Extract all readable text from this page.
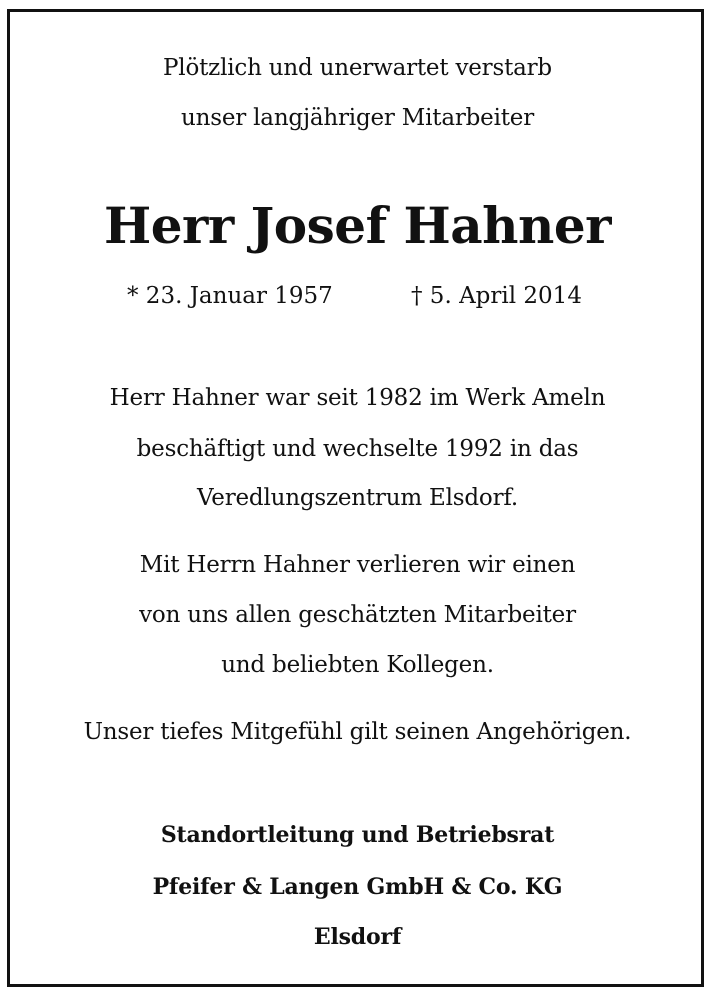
Plötzlich und unerwartet verstarb
unser langjähriger Mitarbeiter
Herr Josef Hahner
* 23. Januar 1957	† 5. April 2014
Herr Hahner war seit 1982 im Werk Ameln
beschäftigt und wechselte 1992 in das
Veredlungszentrum Elsdorf.
Mit Herrn Hahner verlieren wir einen
von uns allen geschätzten Mitarbeiter
und beliebten Kollegen.
Unser tiefes Mitgefühl gilt seinen Angehörigen.
Standortleitung und Betriebsrat
Pfeifer & Langen GmbH & Co. KG
Elsdorf
